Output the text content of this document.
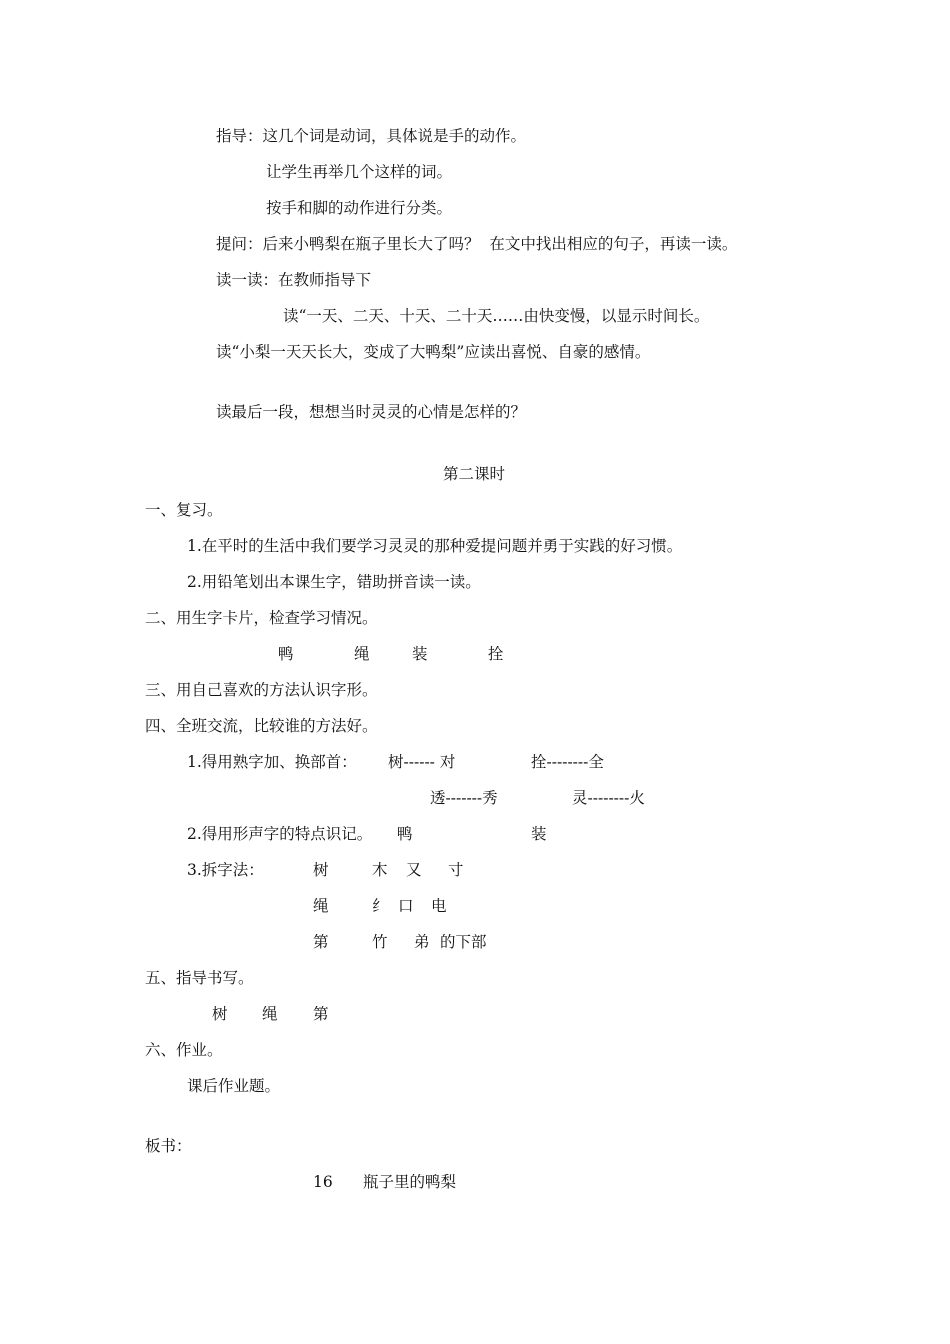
指导：这几个词是动词，具体说是手的动作。
让学生再举几个这样的词。
按手和脚的动作进行分类。
提问：后来小鸭梨在瓶子里长大了吗？  在文中找出相应的句子，再读一读。
读一读：在教师指导下
读“一天、二天、十天、二十天……由快变慢，以显示时间长。
读“小梨一天天长大，变成了大鸭梨”应读出喜悦、自豪的感情。
读最后一段，想想当时灵灵的心情是怎样的？
第二课时
一、复习。
1.在平时的生活中我们要学习灵灵的那种爱提问题并勇于实践的好习惯。
2.用铅笔划出本课生字，错助拼音读一读。
二、用生字卡片，检查学习情况。
鸭	绳	装	拴
三、用自己喜欢的方法认识字形。
四、全班交流，比较谁的方法好。
1.得用熟字加、换部首： 树------ 对	拴--------全
透-------秀	灵--------火
2.得用形声字的特点识记。 鸭	装
3.拆字法：	树	木 又 寸
绳	纟 口 电
第	竹 弟 的下部
五、指导书写。
树 绳 第
六、作业。
课后作业题。
板书：
16 瓶子里的鸭梨
